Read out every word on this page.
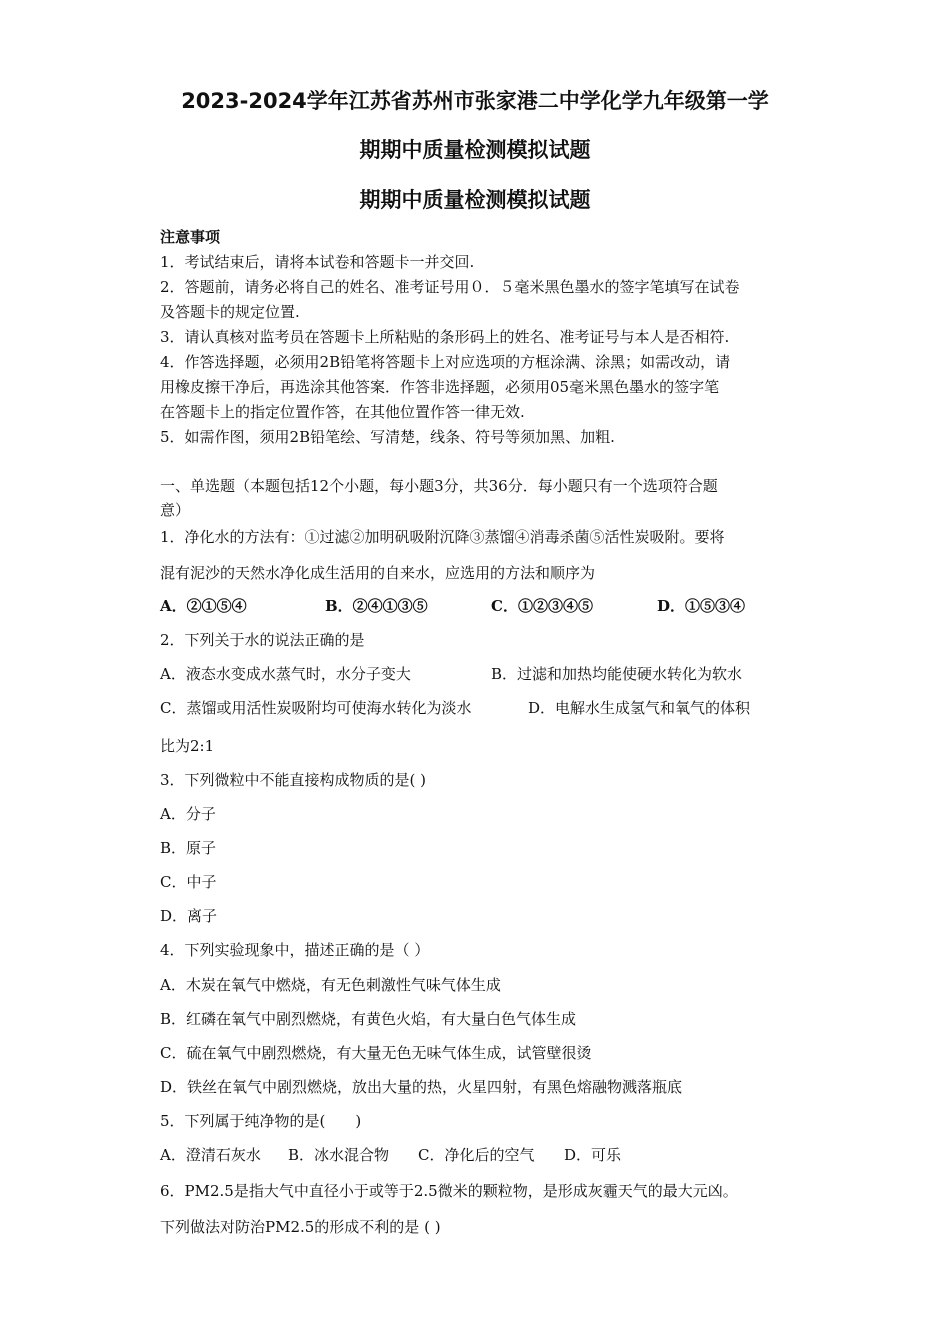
2023-2024学年江苏省苏州市张家港二中学化学九年级第一学
期期中质量检测模拟试题
期期中质量检测模拟试题
注意事项
1．考试结束后，请将本试卷和答题卡一并交回.
2．答题前，请务必将自己的姓名、准考证号用０．５毫米黑色墨水的签字笔填写在试卷
及答题卡的规定位置.
3．请认真核对监考员在答题卡上所粘贴的条形码上的姓名、准考证号与本人是否相符.
4．作答选择题，必须用2B铅笔将答题卡上对应选项的方框涂满、涂黑；如需改动，请
用橡皮擦干净后，再选涂其他答案．作答非选择题，必须用05毫米黑色墨水的签字笔
在答题卡上的指定位置作答，在其他位置作答一律无效.
5．如需作图，须用2B铅笔绘、写清楚，线条、符号等须加黑、加粗.
一、单选题（本题包括12个小题，每小题3分，共36分．每小题只有一个选项符合题
意）
1．净化水的方法有：①过滤②加明矾吸附沉降③蒸馏④消毒杀菌⑤活性炭吸附。要将
混有泥沙的天然水净化成生活用的自来水，应选用的方法和顺序为
A．②①⑤④	B．②④①③⑤	C．①②③④⑤	D．①⑤③④
2．下列关于水的说法正确的是
A．液态水变成水蒸气时，水分子变大	B．过滤和加热均能使硬水转化为软水
C．蒸馏或用活性炭吸附均可使海水转化为淡水	D．电解水生成氢气和氧气的体积
比为2:1
3．下列微粒中不能直接构成物质的是( )
A．分子
B．原子
C．中子
D．离子
4．下列实验现象中，描述正确的是（ ）
A．木炭在氧气中燃烧，有无色刺激性气味气体生成
B．红磷在氧气中剧烈燃烧，有黄色火焰，有大量白色气体生成
C．硫在氧气中剧烈燃烧，有大量无色无味气体生成，试管壁很烫
D．铁丝在氧气中剧烈燃烧，放出大量的热，火星四射，有黑色熔融物溅落瓶底
5．下列属于纯净物的是(　　)
A．澄清石灰水 B．冰水混合物 C．净化后的空气 D．可乐
6．PM2.5是指大气中直径小于或等于2.5微米的颗粒物，是形成灰霾天气的最大元凶。
下列做法对防治PM2.5的形成不利的是 ( )
